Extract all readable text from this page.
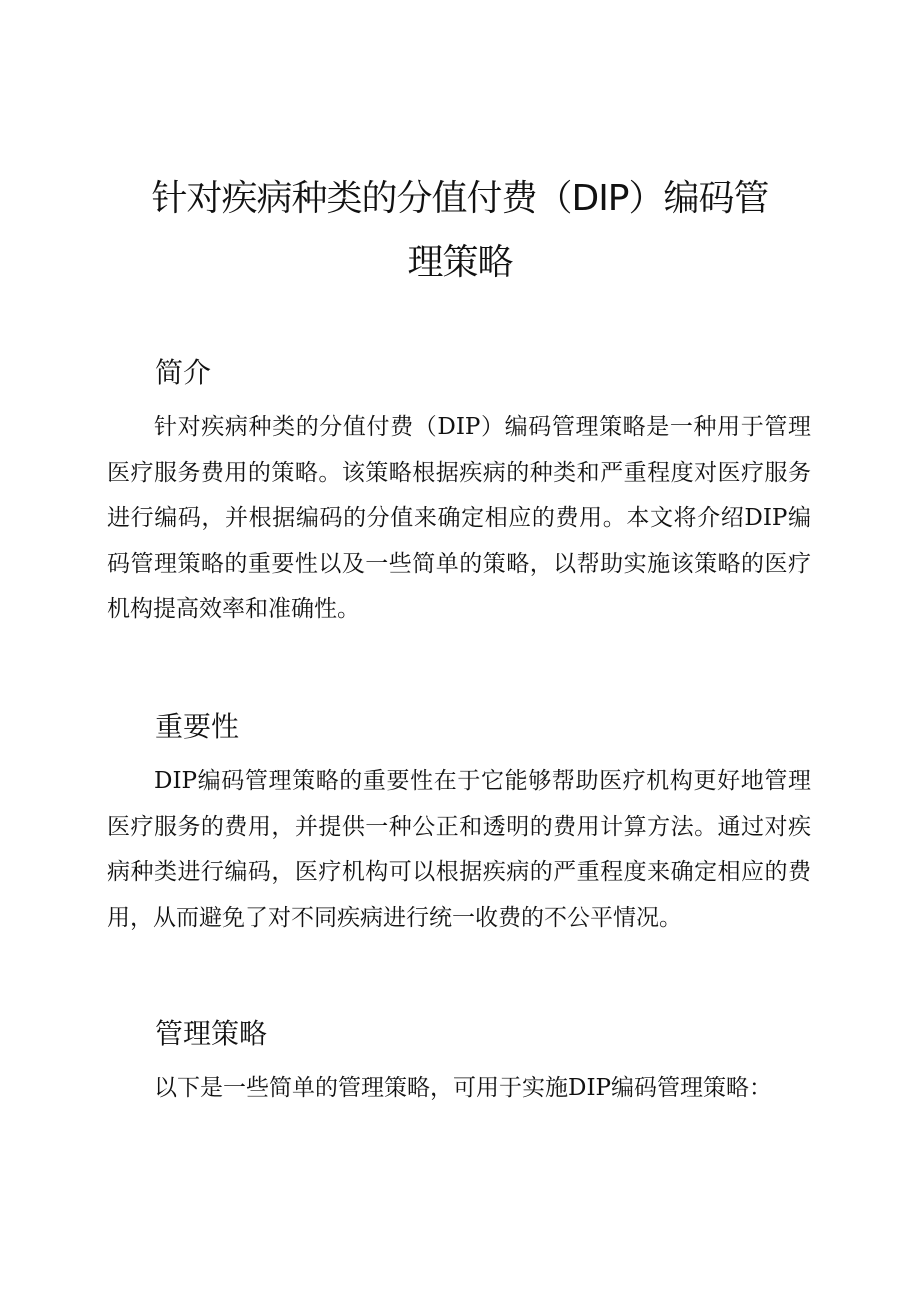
针对疾病种类的分值付费（DIP）编码管
理策略
简介

针对疾病种类的分值付费（DIP）编码管理策略是一种用于管理医疗服务费用的策略。该策略根据疾病的种类和严重程度对医疗服务进行编码，并根据编码的分值来确定相应的费用。本文将介绍DIP编码管理策略的重要性以及一些简单的策略，以帮助实施该策略的医疗机构提高效率和准确性。

重要性

DIP编码管理策略的重要性在于它能够帮助医疗机构更好地管理医疗服务的费用，并提供一种公正和透明的费用计算方法。通过对疾病种类进行编码，医疗机构可以根据疾病的严重程度来确定相应的费用，从而避免了对不同疾病进行统一收费的不公平情况。

管理策略

以下是一些简单的管理策略，可用于实施DIP编码管理策略：
